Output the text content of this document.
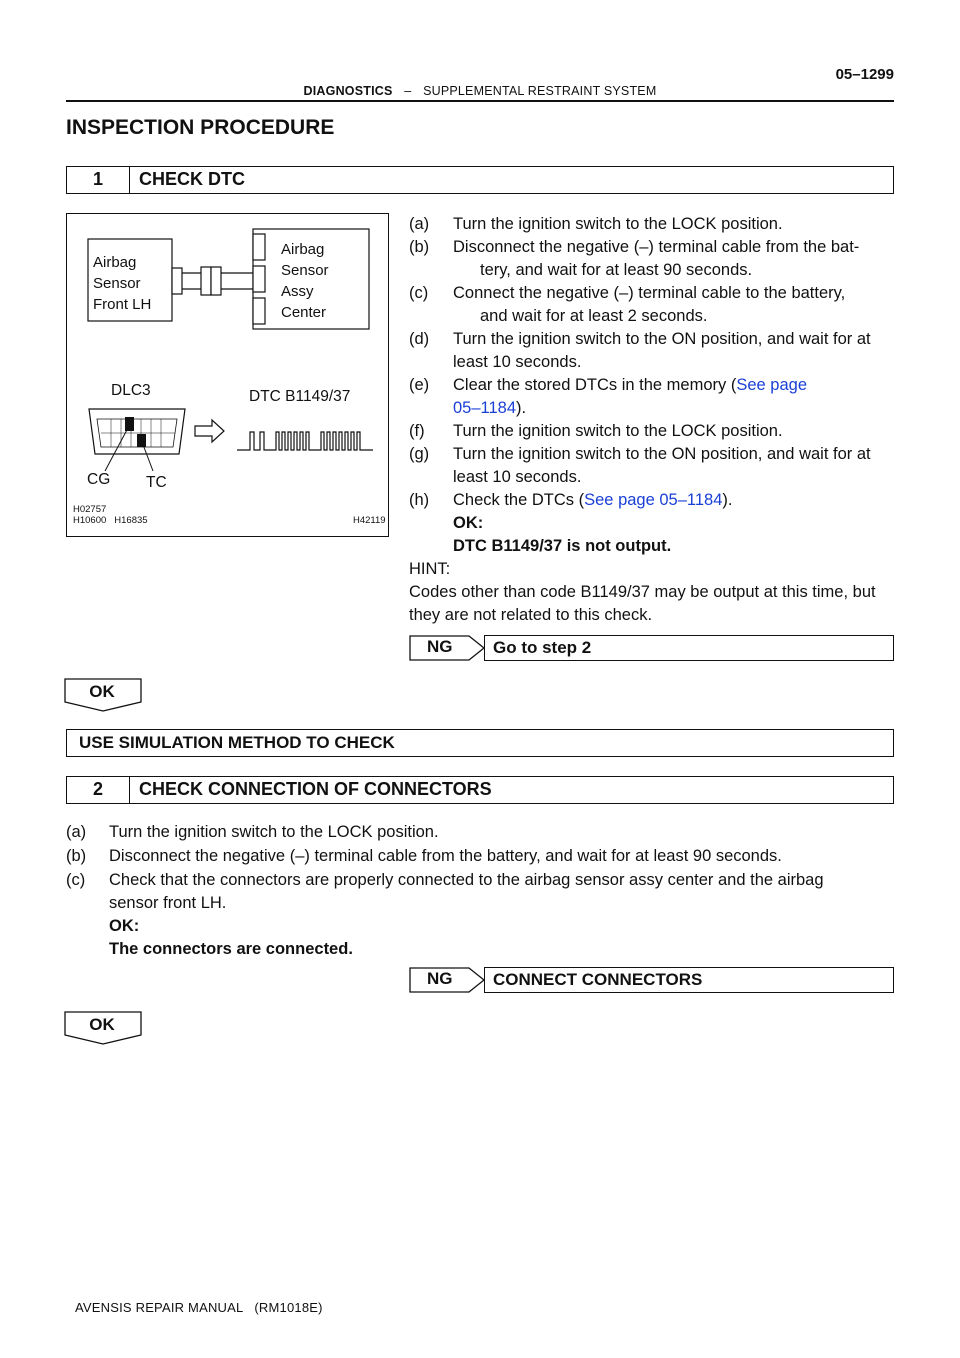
05–1299
DIAGNOSTICS – SUPPLEMENTAL RESTRAINT SYSTEM
INSPECTION PROCEDURE
1	CHECK DTC
Airbag
Sensor
Front LH
Airbag
Sensor
Assy
Center
DLC3	DTC B1149/37
CG TC
H02757
H10600 H16835	H42119
(a) Turn the ignition switch to the LOCK position.
(b) Disconnect the negative (–) terminal cable from the bat-
tery, and wait for at least 90 seconds.
(c) Connect the negative (–) terminal cable to the battery,
and wait for at least 2 seconds.
(d) Turn the ignition switch to the ON position, and wait for at
least 10 seconds.
(e) Clear the stored DTCs in the memory (See page
05–1184).
(f) Turn the ignition switch to the LOCK position.
(g) Turn the ignition switch to the ON position, and wait for at
least 10 seconds.
(h) Check the DTCs (See page 05–1184).
OK:
DTC B1149/37 is not output.
HINT:
Codes other than code B1149/37 may be output at this time, but
they are not related to this check.
NG	Go to step 2
OK
USE SIMULATION METHOD TO CHECK
2	CHECK CONNECTION OF CONNECTORS
(a) Turn the ignition switch to the LOCK position.
(b) Disconnect the negative (–) terminal cable from the battery, and wait for at least 90 seconds.
(c) Check that the connectors are properly connected to the airbag sensor assy center and the airbag
sensor front LH.
OK:
The connectors are connected.
NG	CONNECT CONNECTORS
OK
AVENSIS REPAIR MANUAL   (RM1018E)
